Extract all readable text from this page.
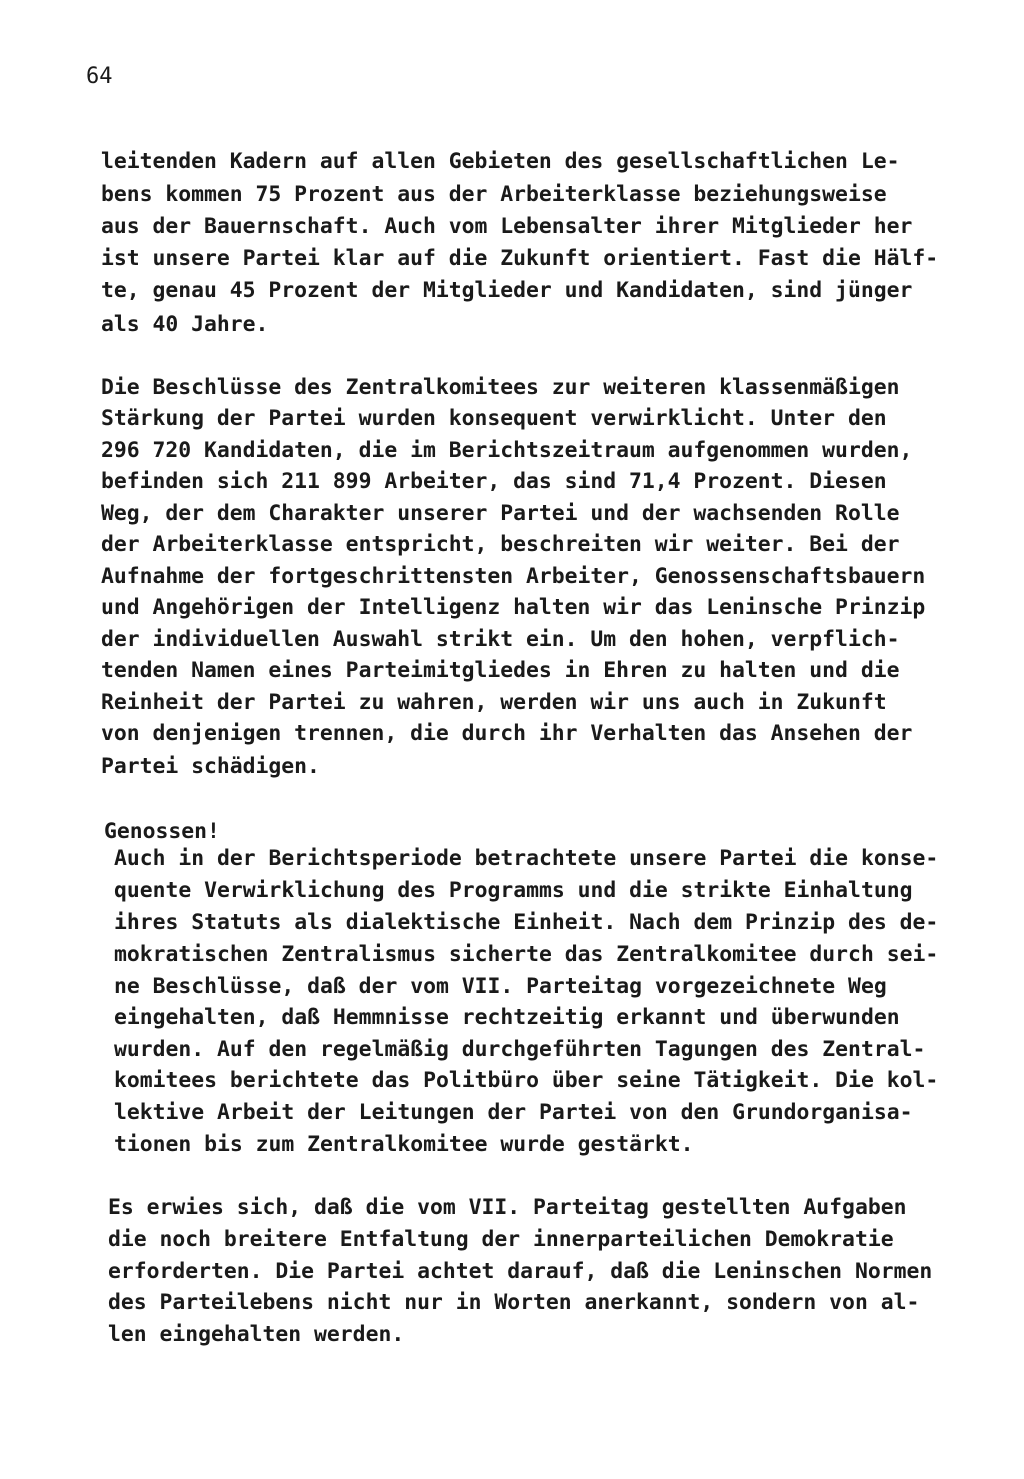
64
leitenden Kadern auf allen Gebieten des gesellschaftlichen Le-
bens kommen 75 Prozent aus der Arbeiterklasse beziehungsweise
aus der Bauernschaft. Auch vom Lebensalter ihrer Mitglieder her
ist unsere Partei klar auf die Zukunft orientiert. Fast die Hälf-
te, genau 45 Prozent der Mitglieder und Kandidaten, sind jünger
als 40 Jahre.
Die Beschlüsse des Zentralkomitees zur weiteren klassenmäßigen
Stärkung der Partei wurden konsequent verwirklicht. Unter den
296 720 Kandidaten, die im Berichtszeitraum aufgenommen wurden,
befinden sich 211 899 Arbeiter, das sind 71,4 Prozent. Diesen
Weg, der dem Charakter unserer Partei und der wachsenden Rolle
der Arbeiterklasse entspricht, beschreiten wir weiter. Bei der
Aufnahme der fortgeschrittensten Arbeiter, Genossenschaftsbauern
und Angehörigen der Intelligenz halten wir das Leninsche Prinzip
der individuellen Auswahl strikt ein. Um den hohen, verpflich-
tenden Namen eines Parteimitgliedes in Ehren zu halten und die
Reinheit der Partei zu wahren, werden wir uns auch in Zukunft
von denjenigen trennen, die durch ihr Verhalten das Ansehen der
Partei schädigen.
Genossen!
Auch in der Berichtsperiode betrachtete unsere Partei die konse-
quente Verwirklichung des Programms und die strikte Einhaltung
ihres Statuts als dialektische Einheit. Nach dem Prinzip des de-
mokratischen Zentralismus sicherte das Zentralkomitee durch sei-
ne Beschlüsse, daß der vom VII. Parteitag vorgezeichnete Weg
eingehalten, daß Hemmnisse rechtzeitig erkannt und überwunden
wurden. Auf den regelmäßig durchgeführten Tagungen des Zentral-
komitees berichtete das Politbüro über seine Tätigkeit. Die kol-
lektive Arbeit der Leitungen der Partei von den Grundorganisa-
tionen bis zum Zentralkomitee wurde gestärkt.
Es erwies sich, daß die vom VII. Parteitag gestellten Aufgaben
die noch breitere Entfaltung der innerparteilichen Demokratie
erforderten. Die Partei achtet darauf, daß die Leninschen Normen
des Parteilebens nicht nur in Worten anerkannt, sondern von al-
len eingehalten werden.
